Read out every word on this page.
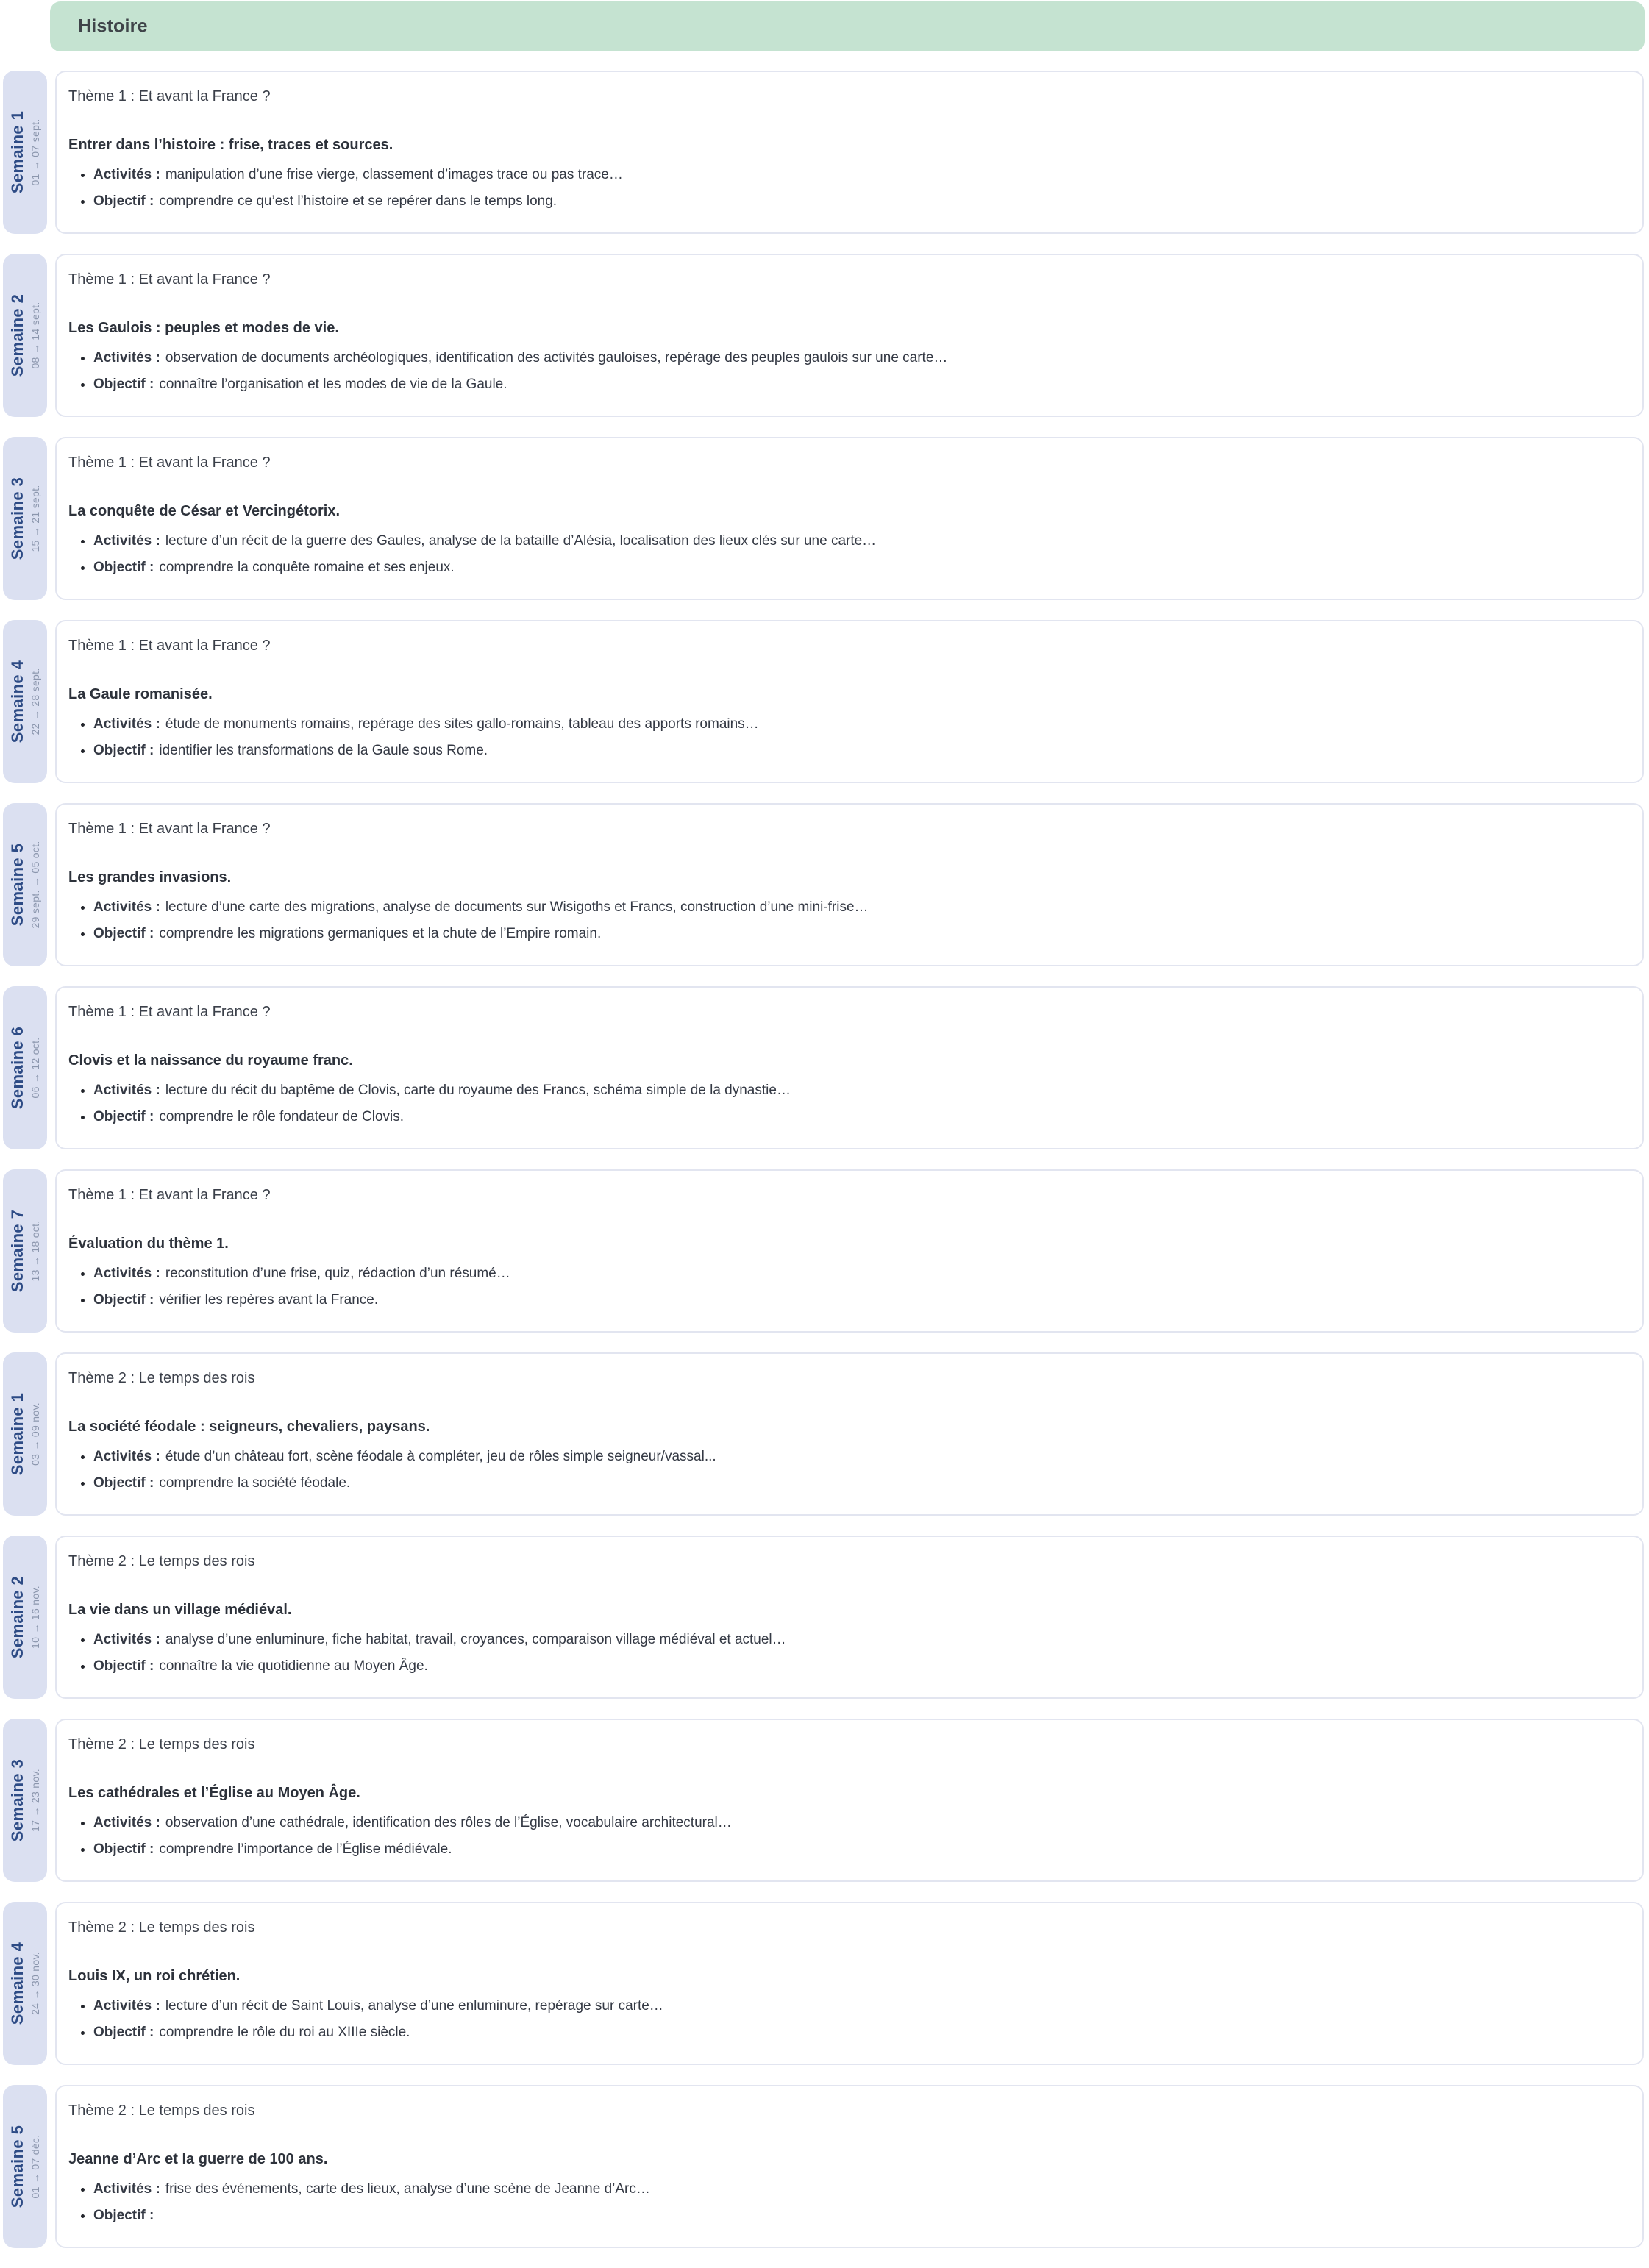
Histoire
Semaine 1 01 → 07 sept.

Thème 1 : Et avant la France ?

Entrer dans l’histoire : frise, traces et sources.

• Activités : manipulation d’une frise vierge, classement d’images trace ou pas trace…
• Objectif : comprendre ce qu’est l’histoire et se repérer dans le temps long.
Semaine 2 08 → 14 sept.

Thème 1 : Et avant la France ?

Les Gaulois : peuples et modes de vie.

• Activités : observation de documents archéologiques, identification des activités gauloises, repérage des peuples gaulois sur une carte…
• Objectif : connaître l’organisation et les modes de vie de la Gaule.
Semaine 3 15 → 21 sept.

Thème 1 : Et avant la France ?

La conquête de César et Vercingétorix.

• Activités : lecture d’un récit de la guerre des Gaules, analyse de la bataille d’Alésia, localisation des lieux clés sur une carte…
• Objectif : comprendre la conquête romaine et ses enjeux.
Semaine 4 22 → 28 sept.

Thème 1 : Et avant la France ?

La Gaule romanisée.

• Activités : étude de monuments romains, repérage des sites gallo-romains, tableau des apports romains…
• Objectif : identifier les transformations de la Gaule sous Rome.
Semaine 5 29 sept. → 05 oct.

Thème 1 : Et avant la France ?

Les grandes invasions.

• Activités : lecture d’une carte des migrations, analyse de documents sur Wisigoths et Francs, construction d’une mini-frise…
• Objectif : comprendre les migrations germaniques et la chute de l’Empire romain.
Semaine 6 06 → 12 oct.

Thème 1 : Et avant la France ?

Clovis et la naissance du royaume franc.

• Activités : lecture du récit du baptême de Clovis, carte du royaume des Francs, schéma simple de la dynastie…
• Objectif : comprendre le rôle fondateur de Clovis.
Semaine 7 13 → 18 oct.

Thème 1 : Et avant la France ?

Évaluation du thème 1.

• Activités : reconstitution d’une frise, quiz, rédaction d’un résumé…
• Objectif : vérifier les repères avant la France.
Semaine 1 03 → 09 nov.

Thème 2 : Le temps des rois

La société féodale : seigneurs, chevaliers, paysans.

• Activités : étude d’un château fort, scène féodale à compléter, jeu de rôles simple seigneur/vassal...
• Objectif : comprendre la société féodale.
Semaine 2 10 → 16 nov.

Thème 2 : Le temps des rois

La vie dans un village médiéval.

• Activités : analyse d’une enluminure, fiche habitat, travail, croyances, comparaison village médiéval et actuel…
• Objectif : connaître la vie quotidienne au Moyen Âge.
Semaine 3 17 → 23 nov.

Thème 2 : Le temps des rois

Les cathédrales et l’Église au Moyen Âge.

• Activités : observation d’une cathédrale, identification des rôles de l’Église, vocabulaire architectural…
• Objectif : comprendre l’importance de l’Église médiévale.
Semaine 4 24 → 30 nov.

Thème 2 : Le temps des rois

Louis IX, un roi chrétien.

• Activités : lecture d’un récit de Saint Louis, analyse d’une enluminure, repérage sur carte…
• Objectif : comprendre le rôle du roi au XIIIe siècle.
Semaine 5 01 → 07 déc.

Thème 2 : Le temps des rois

Jeanne d’Arc et la guerre de 100 ans.

• Activités : frise des événements, carte des lieux, analyse d’une scène de Jeanne d’Arc…
• Objectif :
